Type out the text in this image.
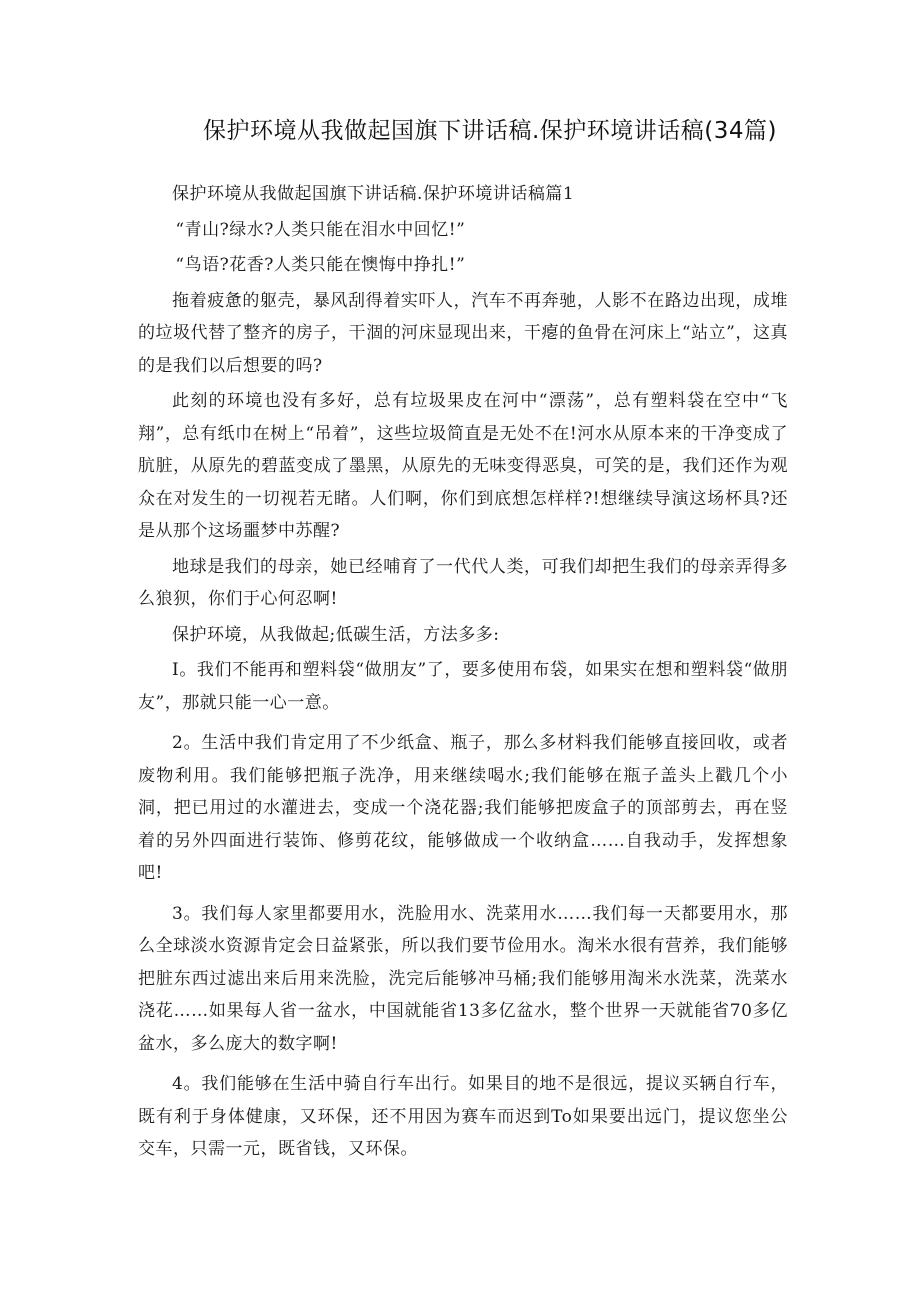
保护环境从我做起国旗下讲话稿.保护环境讲话稿(34篇)

保护环境从我做起国旗下讲话稿.保护环境讲话稿篇1

“青山?绿水?人类只能在泪水中回忆!”

“鸟语?花香?人类只能在懊悔中挣扎!”

拖着疲惫的躯壳，暴风刮得着实吓人，汽车不再奔驰，人影不在路边出现，成堆的垃圾代替了整齐的房子，干涸的河床显现出来，干瘪的鱼骨在河床上“站立”，这真的是我们以后想要的吗?

此刻的环境也没有多好，总有垃圾果皮在河中“漂荡”，总有塑料袋在空中“飞翔”，总有纸巾在树上“吊着”，这些垃圾简直是无处不在!河水从原本来的干净变成了肮脏，从原先的碧蓝变成了墨黑，从原先的无味变得恶臭，可笑的是，我们还作为观众在对发生的一切视若无睹。人们啊，你们到底想怎样样?!想继续导演这场杯具?还是从那个这场噩梦中苏醒?

地球是我们的母亲，她已经哺育了一代代人类，可我们却把生我们的母亲弄得多么狼狈，你们于心何忍啊!

保护环境，从我做起;低碳生活，方法多多:

I。我们不能再和塑料袋“做朋友”了，要多使用布袋，如果实在想和塑料袋“做朋友”，那就只能一心一意。

2。生活中我们肯定用了不少纸盒、瓶子，那么多材料我们能够直接回收，或者废物利用。我们能够把瓶子洗净，用来继续喝水;我们能够在瓶子盖头上戳几个小洞，把已用过的水灌进去，变成一个浇花器;我们能够把废盒子的顶部剪去，再在竖着的另外四面进行装饰、修剪花纹，能够做成一个收纳盒……自我动手，发挥想象吧!

3。我们每人家里都要用水，洗脸用水、洗菜用水……我们每一天都要用水，那么全球淡水资源肯定会日益紧张，所以我们要节俭用水。淘米水很有营养，我们能够把脏东西过滤出来后用来洗脸，洗完后能够冲马桶;我们能够用淘米水洗菜，洗菜水浇花……如果每人省一盆水，中国就能省13多亿盆水，整个世界一天就能省70多亿盆水，多么庞大的数字啊!

4。我们能够在生活中骑自行车出行。如果目的地不是很远，提议买辆自行车，既有利于身体健康，又环保，还不用因为赛车而迟到To如果要出远门，提议您坐公交车，只需一元，既省钱，又环保。
